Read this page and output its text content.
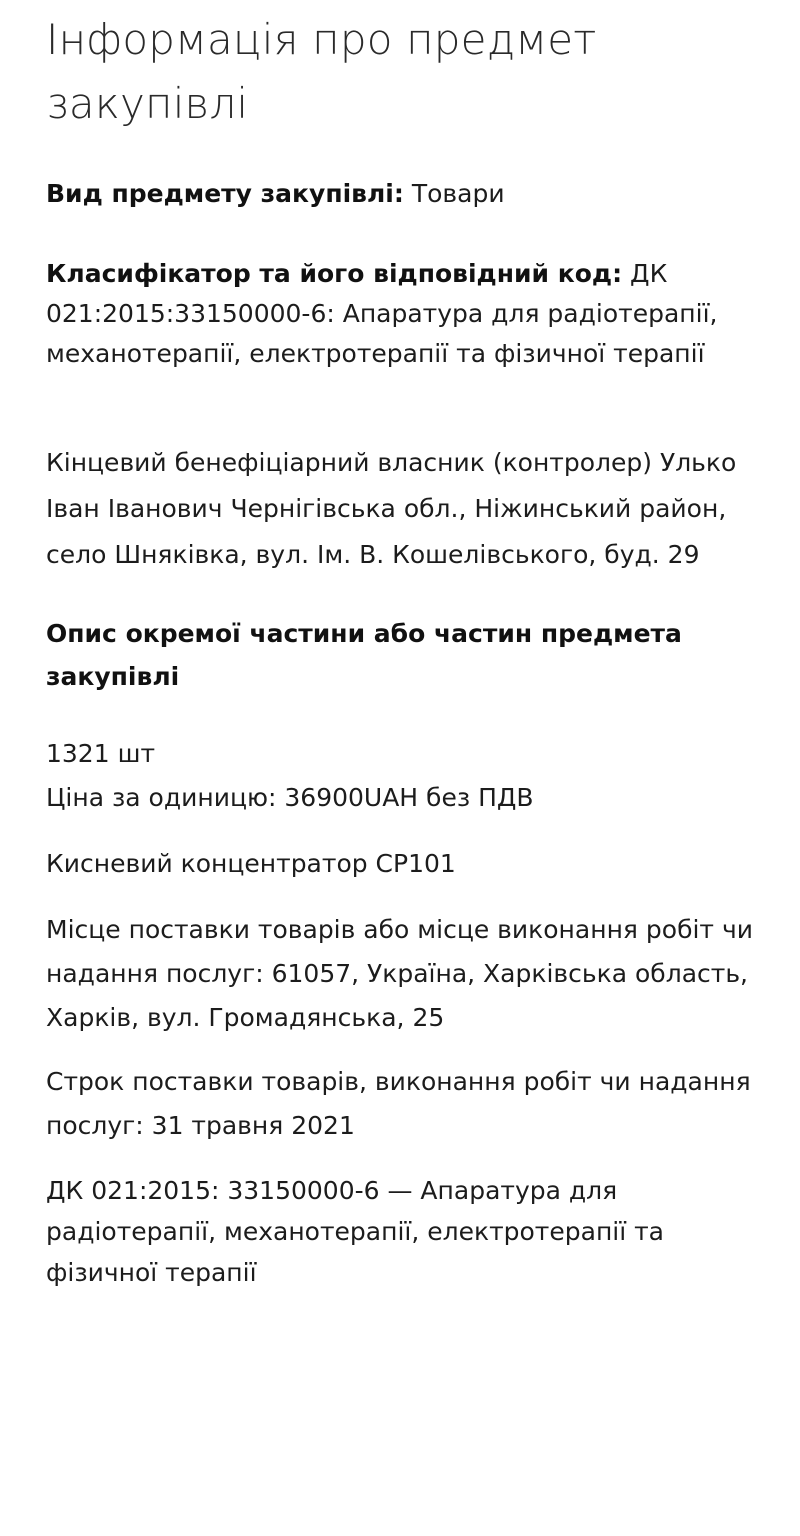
Інформація про предмет закупівлі

Вид предмету закупівлі: Товари

Класифікатор та його відповідний код: ДК 021:2015:33150000-6: Апаратура для радіотерапії, механотерапії, електротерапії та фізичної терапії

Кінцевий бенефіціарний власник (контролер) Улько Іван Іванович Чернігівська обл., Ніжинський район, село Шняківка, вул. Ім. В. Кошелівського, буд. 29

Опис окремої частини або частин предмета закупівлі
1321 шт
Ціна за одиницю: 36900UAH без ПДВ

Кисневий концентратор CP101

Місце поставки товарів або місце виконання робіт чи надання послуг: 61057, Україна, Харківська область, Харків, вул. Громадянська, 25

Строк поставки товарів, виконання робіт чи надання послуг: 31 травня 2021

ДК 021:2015: 33150000-6 — Апаратура для радіотерапії, механотерапії, електротерапії та фізичної терапії
